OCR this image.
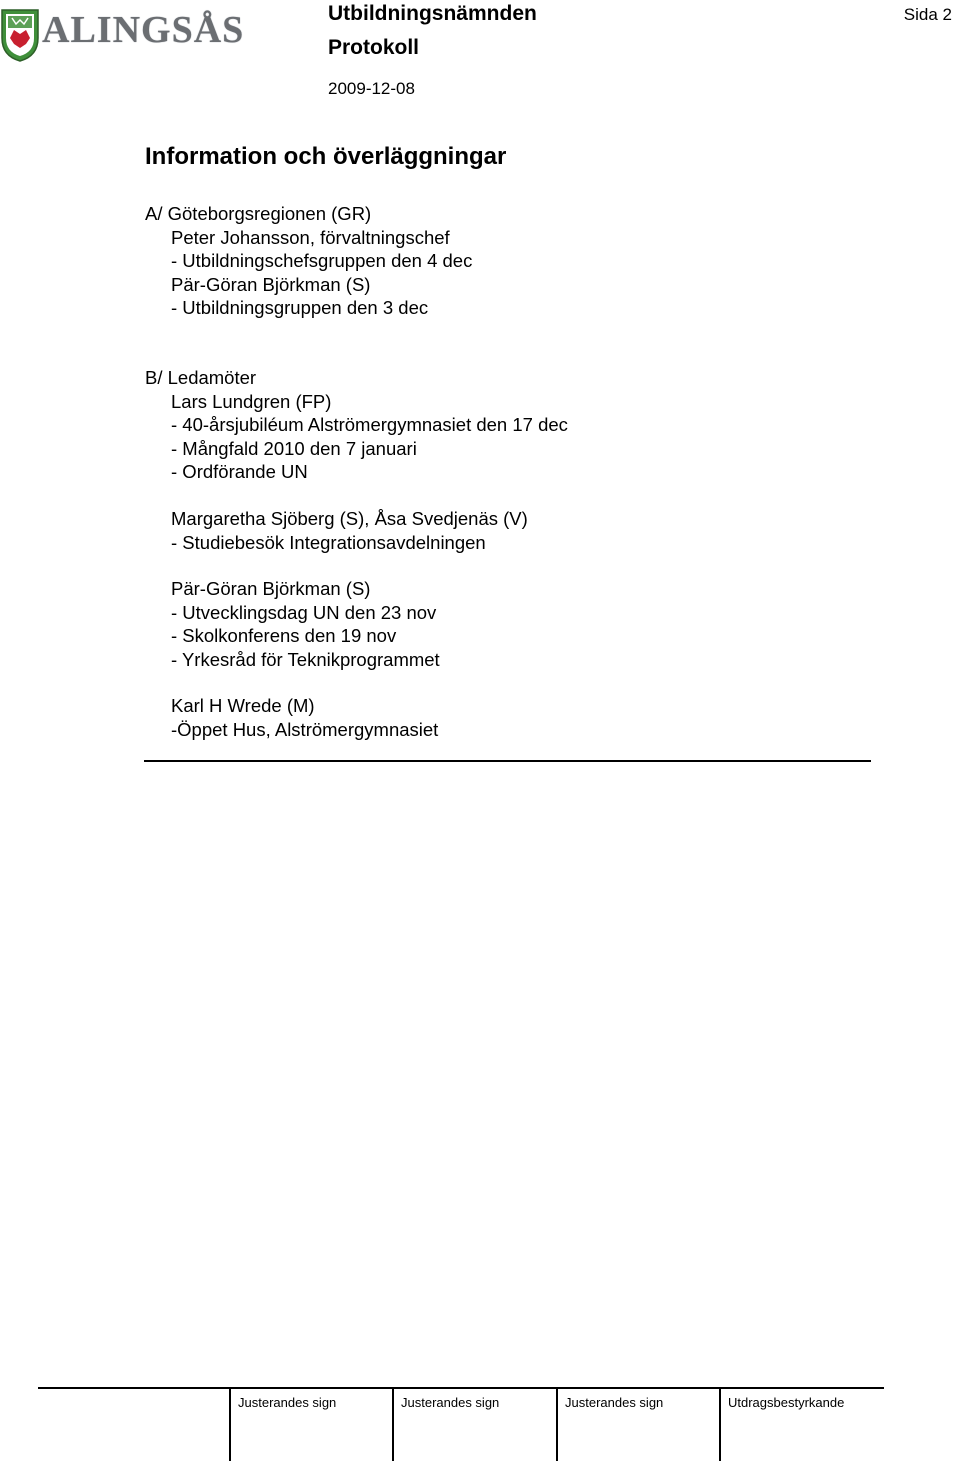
ALINGSÅS	Utbildningsnämnden
Protokoll
2009-12-08
Sida 2
Information och överläggningar
A/ Göteborgsregionen (GR)
Peter Johansson, förvaltningschef
- Utbildningschefsgruppen den 4 dec
Pär-Göran Björkman (S)
- Utbildningsgruppen den 3 dec
B/ Ledamöter
Lars Lundgren (FP)
- 40-årsjubiléum Alströmergymnasiet den 17 dec
- Mångfald 2010 den 7 januari
- Ordförande UN
Margaretha Sjöberg (S), Åsa Svedjenäs (V)
- Studiebesök Integrationsavdelningen
Pär-Göran Björkman (S)
- Utvecklingsdag UN den 23 nov
- Skolkonferens den 19 nov
- Yrkesråd för Teknikprogrammet
Karl H Wrede (M)
-Öppet Hus, Alströmergymnasiet
Justerandes sign	Justerandes sign	Justerandes sign	Utdragsbestyrkande
